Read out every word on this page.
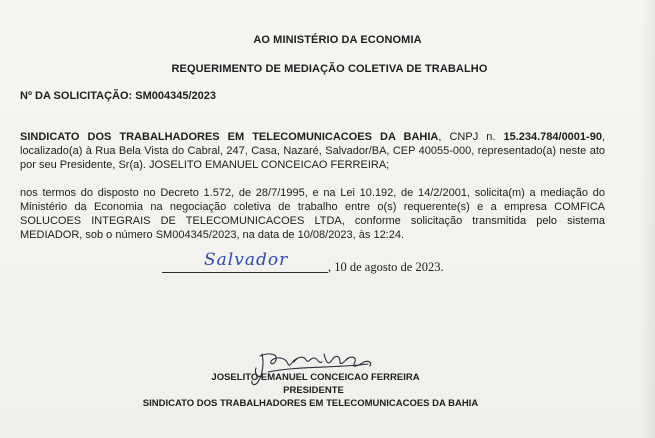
AO MINISTÉRIO DA ECONOMIA
REQUERIMENTO DE MEDIAÇÃO COLETIVA DE TRABALHO
Nº DA SOLICITAÇÃO: SM004345/2023
SINDICATO DOS TRABALHADORES EM TELECOMUNICACOES DA BAHIA, CNPJ n. 15.234.784/0001-90, localizado(a) à Rua Bela Vista do Cabral, 247, Casa, Nazaré, Salvador/BA, CEP 40055-000, representado(a) neste ato por seu Presidente, Sr(a). JOSELITO EMANUEL CONCEICAO FERREIRA;
nos termos do disposto no Decreto 1.572, de 28/7/1995, e na Lei 10.192, de 14/2/2001, solicita(m) a mediação do Ministério da Economia na negociação coletiva de trabalho entre o(s) requerente(s) e a empresa COMFICA SOLUCOES INTEGRAIS DE TELECOMUNICACOES LTDA, conforme solicitação transmitida pelo sistema MEDIADOR, sob o número SM004345/2023, na data de 10/08/2023, às 12:24.
Salvador	, 10 de agosto de 2023.
JOSELITO EMANUEL CONCEICAO FERREIRA
PRESIDENTE
SINDICATO DOS TRABALHADORES EM TELECOMUNICACOES DA BAHIA
